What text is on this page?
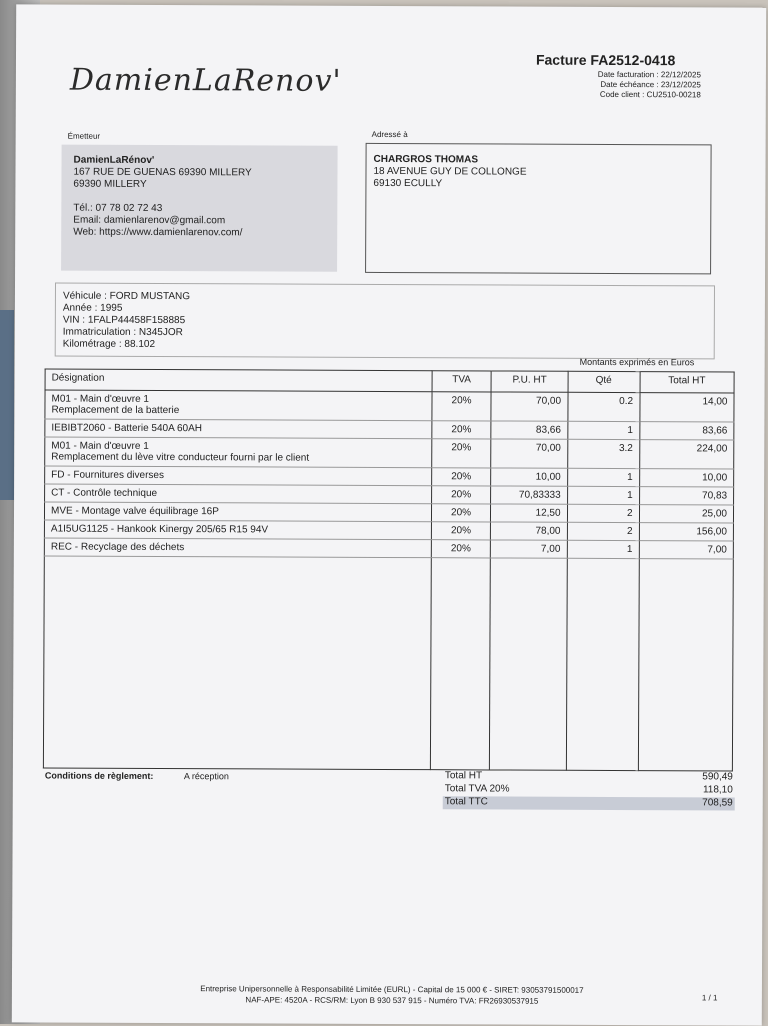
DamienLaRenov'
Facture FA2512-0418
Date facturation : 22/12/2025
Date échéance : 23/12/2025
Code client : CU2510-00218
Émetteur	Adressé à
DamienLaRénov'
167 RUE DE GUENAS 69390 MILLERY
69390 MILLERY
Tél.: 07 78 02 72 43
Email: damienlarenov@gmail.com
Web: https://www.damienlarenov.com/
CHARGROS THOMAS
18 AVENUE GUY DE COLLONGE
69130 ECULLY
Véhicule : FORD MUSTANG
Année : 1995
VIN : 1FALP44458F158885
Immatriculation : N345JOR
Kilométrage : 88.102
Montants exprimés en Euros
Désignation	TVA	P.U. HT	Qté	Total HT

M01 - Main d'œuvre 1
Remplacement de la batterie	20%	70,00	0.2	14,00

IEBIBT2060 - Batterie 540A 60AH	20%	83,66	1	83,66

M01 - Main d'œuvre 1
Remplacement du lève vitre conducteur fourni par le client	20%	70,00	3.2	224,00

FD - Fournitures diverses	20%	10,00	1	10,00

CT - Contrôle technique	20%	70,83333	1	70,83

MVE - Montage valve équilibrage 16P	20%	12,50	2	25,00

A1I5UG1125 - Hankook Kinergy 205/65 R15 94V	20%	78,00	2	156,00

REC - Recyclage des déchets	20%	7,00	1	7,00

Conditions de règlement:	A réception	Total HT	590,49
Total TVA 20%	118,10
Total TTC	708,59
Entreprise Unipersonnelle à Responsabilité Limitée (EURL) - Capital de 15 000 € - SIRET: 93053791500017
NAF-APE: 4520A - RCS/RM: Lyon B 930 537 915 - Numéro TVA: FR26930537915	1 / 1
